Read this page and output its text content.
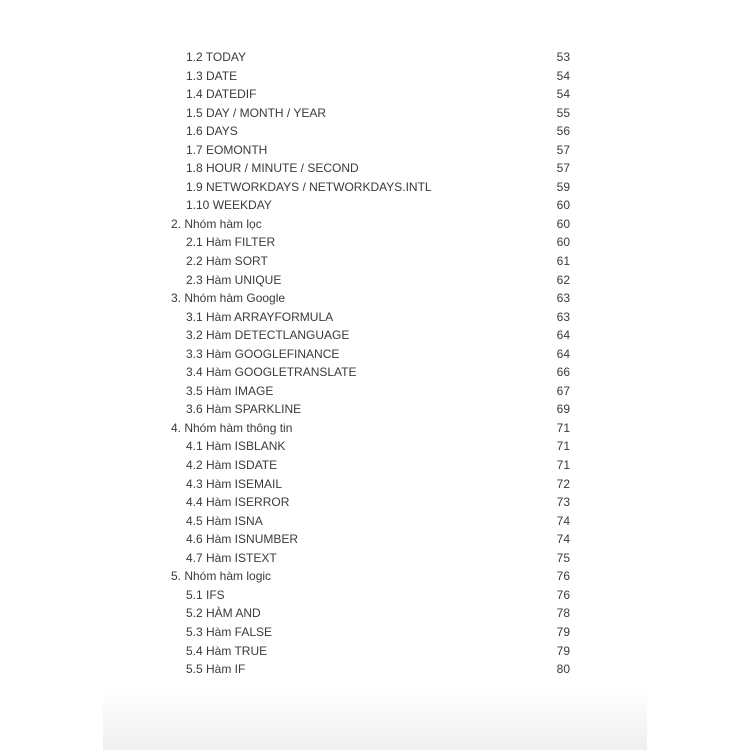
1.2 TODAY	53
1.3 DATE	54
1.4 DATEDIF	54
1.5 DAY / MONTH / YEAR	55
1.6 DAYS	56
1.7 EOMONTH	57
1.8 HOUR / MINUTE / SECOND	57
1.9 NETWORKDAYS / NETWORKDAYS.INTL	59
1.10 WEEKDAY	60
2. Nhóm hàm lọc	60
2.1 Hàm FILTER	60
2.2 Hàm SORT	61
2.3 Hàm UNIQUE	62
3. Nhóm hàm Google	63
3.1 Hàm ARRAYFORMULA	63
3.2 Hàm DETECTLANGUAGE	64
3.3 Hàm GOOGLEFINANCE	64
3.4 Hàm GOOGLETRANSLATE	66
3.5 Hàm IMAGE	67
3.6 Hàm SPARKLINE	69
4. Nhóm hàm thông tin	71
4.1 Hàm ISBLANK	71
4.2 Hàm ISDATE	71
4.3 Hàm ISEMAIL	72
4.4 Hàm ISERROR	73
4.5 Hàm ISNA	74
4.6 Hàm ISNUMBER	74
4.7 Hàm ISTEXT	75
5. Nhóm hàm logic	76
5.1 IFS	76
5.2 HÀM AND	78
5.3 Hàm FALSE	79
5.4 Hàm TRUE	79
5.5 Hàm IF	80
